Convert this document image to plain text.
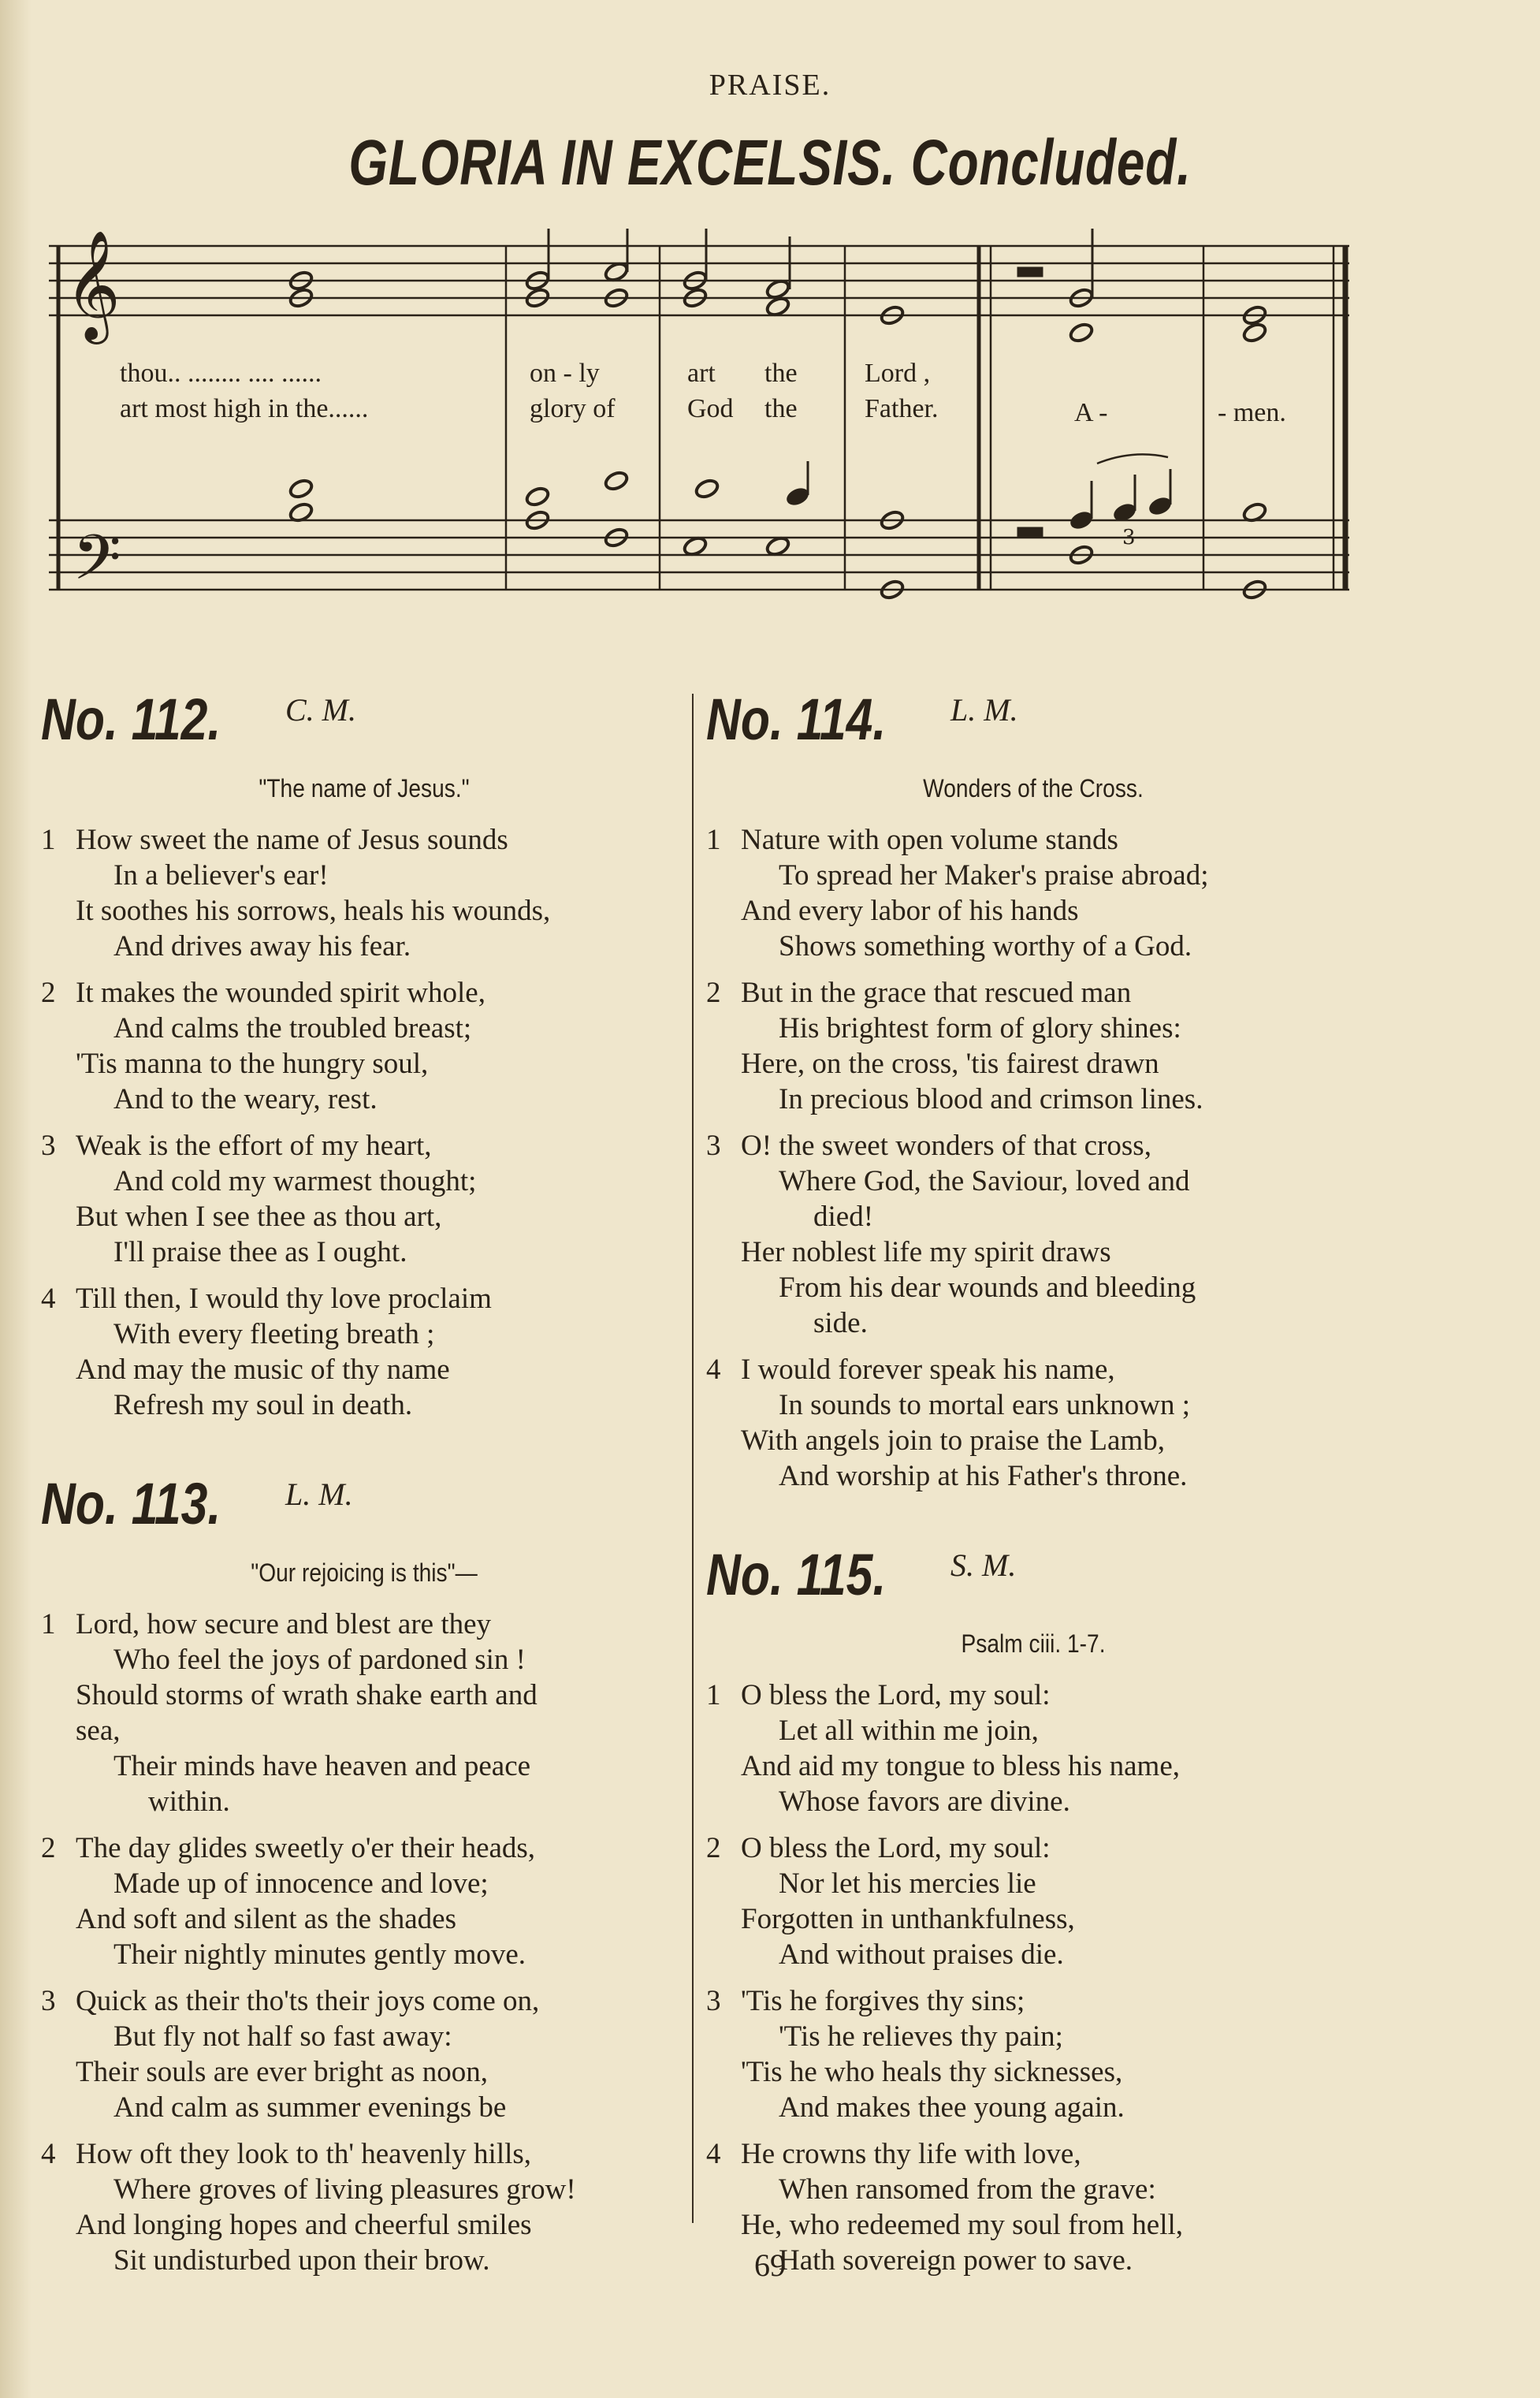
PRAISE.
GLORIA IN EXCELSIS. Concluded.
𝄞
𝄢	3
thou.. ........ .... ......	on - ly	art the	Lord ,
A -	- men.
art most high in the......	glory of	God the	Father.
No. 112.	C. M.
"The name of Jesus."
1 How sweet the name of Jesus sounds
In a believer's ear!
It soothes his sorrows, heals his wounds,
And drives away his fear.
2 It makes the wounded spirit whole,
And calms the troubled breast;
'Tis manna to the hungry soul,
And to the weary, rest.
3 Weak is the effort of my heart,
And cold my warmest thought;
But when I see thee as thou art,
I'll praise thee as I ought.
4 Till then, I would thy love proclaim
With every fleeting breath ;
And may the music of thy name
Refresh my soul in death.
No. 113.	L. M.
"Our rejoicing is this"—
1 Lord, how secure and blest are they
Who feel the joys of pardoned sin !
Should storms of wrath shake earth and
sea,
Their minds have heaven and peace
within.
2 The day glides sweetly o'er their heads,
Made up of innocence and love;
And soft and silent as the shades
Their nightly minutes gently move.
3 Quick as their tho'ts their joys come on,
But fly not half so fast away:
Their souls are ever bright as noon,
And calm as summer evenings be
4 How oft they look to th' heavenly hills,
Where groves of living pleasures grow!
And longing hopes and cheerful smiles
Sit undisturbed upon their brow.
No. 114.	L. M.
Wonders of the Cross.
1 Nature with open volume stands
To spread her Maker's praise abroad;
And every labor of his hands
Shows something worthy of a God.
2 But in the grace that rescued man
His brightest form of glory shines:
Here, on the cross, 'tis fairest drawn
In precious blood and crimson lines.
3 O! the sweet wonders of that cross,
Where God, the Saviour, loved and
died!
Her noblest life my spirit draws
From his dear wounds and bleeding
side.
4 I would forever speak his name,
In sounds to mortal ears unknown ;
With angels join to praise the Lamb,
And worship at his Father's throne.
No. 115.	S. M.
Psalm ciii. 1-7.
1 O bless the Lord, my soul:
Let all within me join,
And aid my tongue to bless his name,
Whose favors are divine.
2 O bless the Lord, my soul:
Nor let his mercies lie
Forgotten in unthankfulness,
And without praises die.
3 'Tis he forgives thy sins;
'Tis he relieves thy pain;
'Tis he who heals thy sicknesses,
And makes thee young again.
4 He crowns thy life with love,
When ransomed from the grave:
He, who redeemed my soul from hell,
Hath sovereign power to save.
69
